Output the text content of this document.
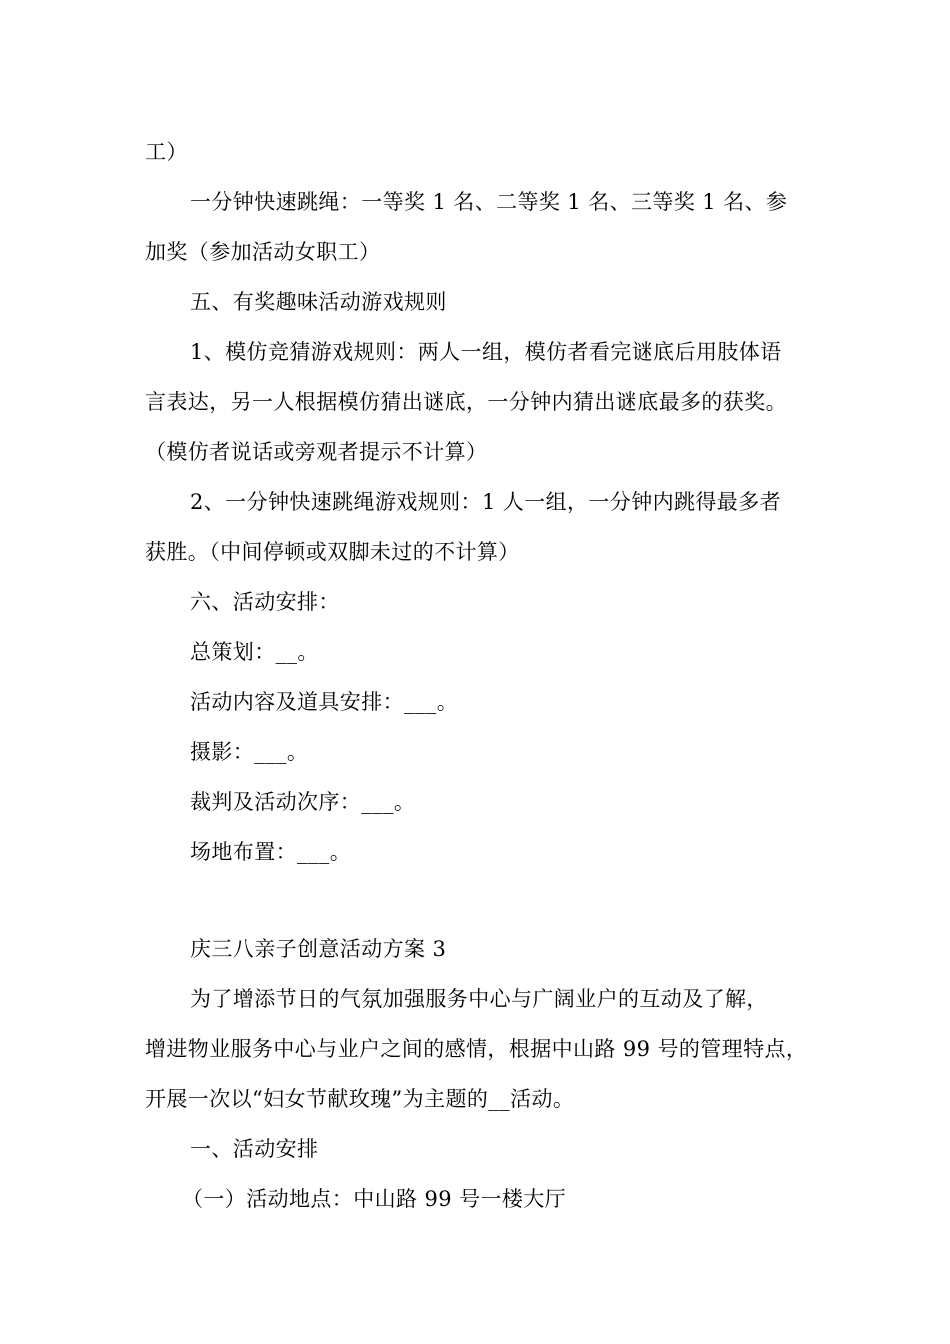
工）
一分钟快速跳绳：一等奖 1 名、二等奖 1 名、三等奖 1 名、参
加奖（参加活动女职工）
五、有奖趣味活动游戏规则
1、模仿竞猜游戏规则：两人一组，模仿者看完谜底后用肢体语
言表达，另一人根据模仿猜出谜底，一分钟内猜出谜底最多的获奖。
（模仿者说话或旁观者提示不计算）
2、一分钟快速跳绳游戏规则：1 人一组，一分钟内跳得最多者
获胜。（中间停顿或双脚未过的不计算）
六、活动安排：
总策划：__。
活动内容及道具安排：___。
摄影：___。
裁判及活动次序：___。
场地布置：___。
庆三八亲子创意活动方案 3
为了增添节日的气氛加强服务中心与广阔业户的互动及了解，
增进物业服务中心与业户之间的感情，根据中山路 99 号的管理特点，
开展一次以“妇女节献玫瑰”为主题的__活动。
一、活动安排
（一）活动地点：中山路 99 号一楼大厅
